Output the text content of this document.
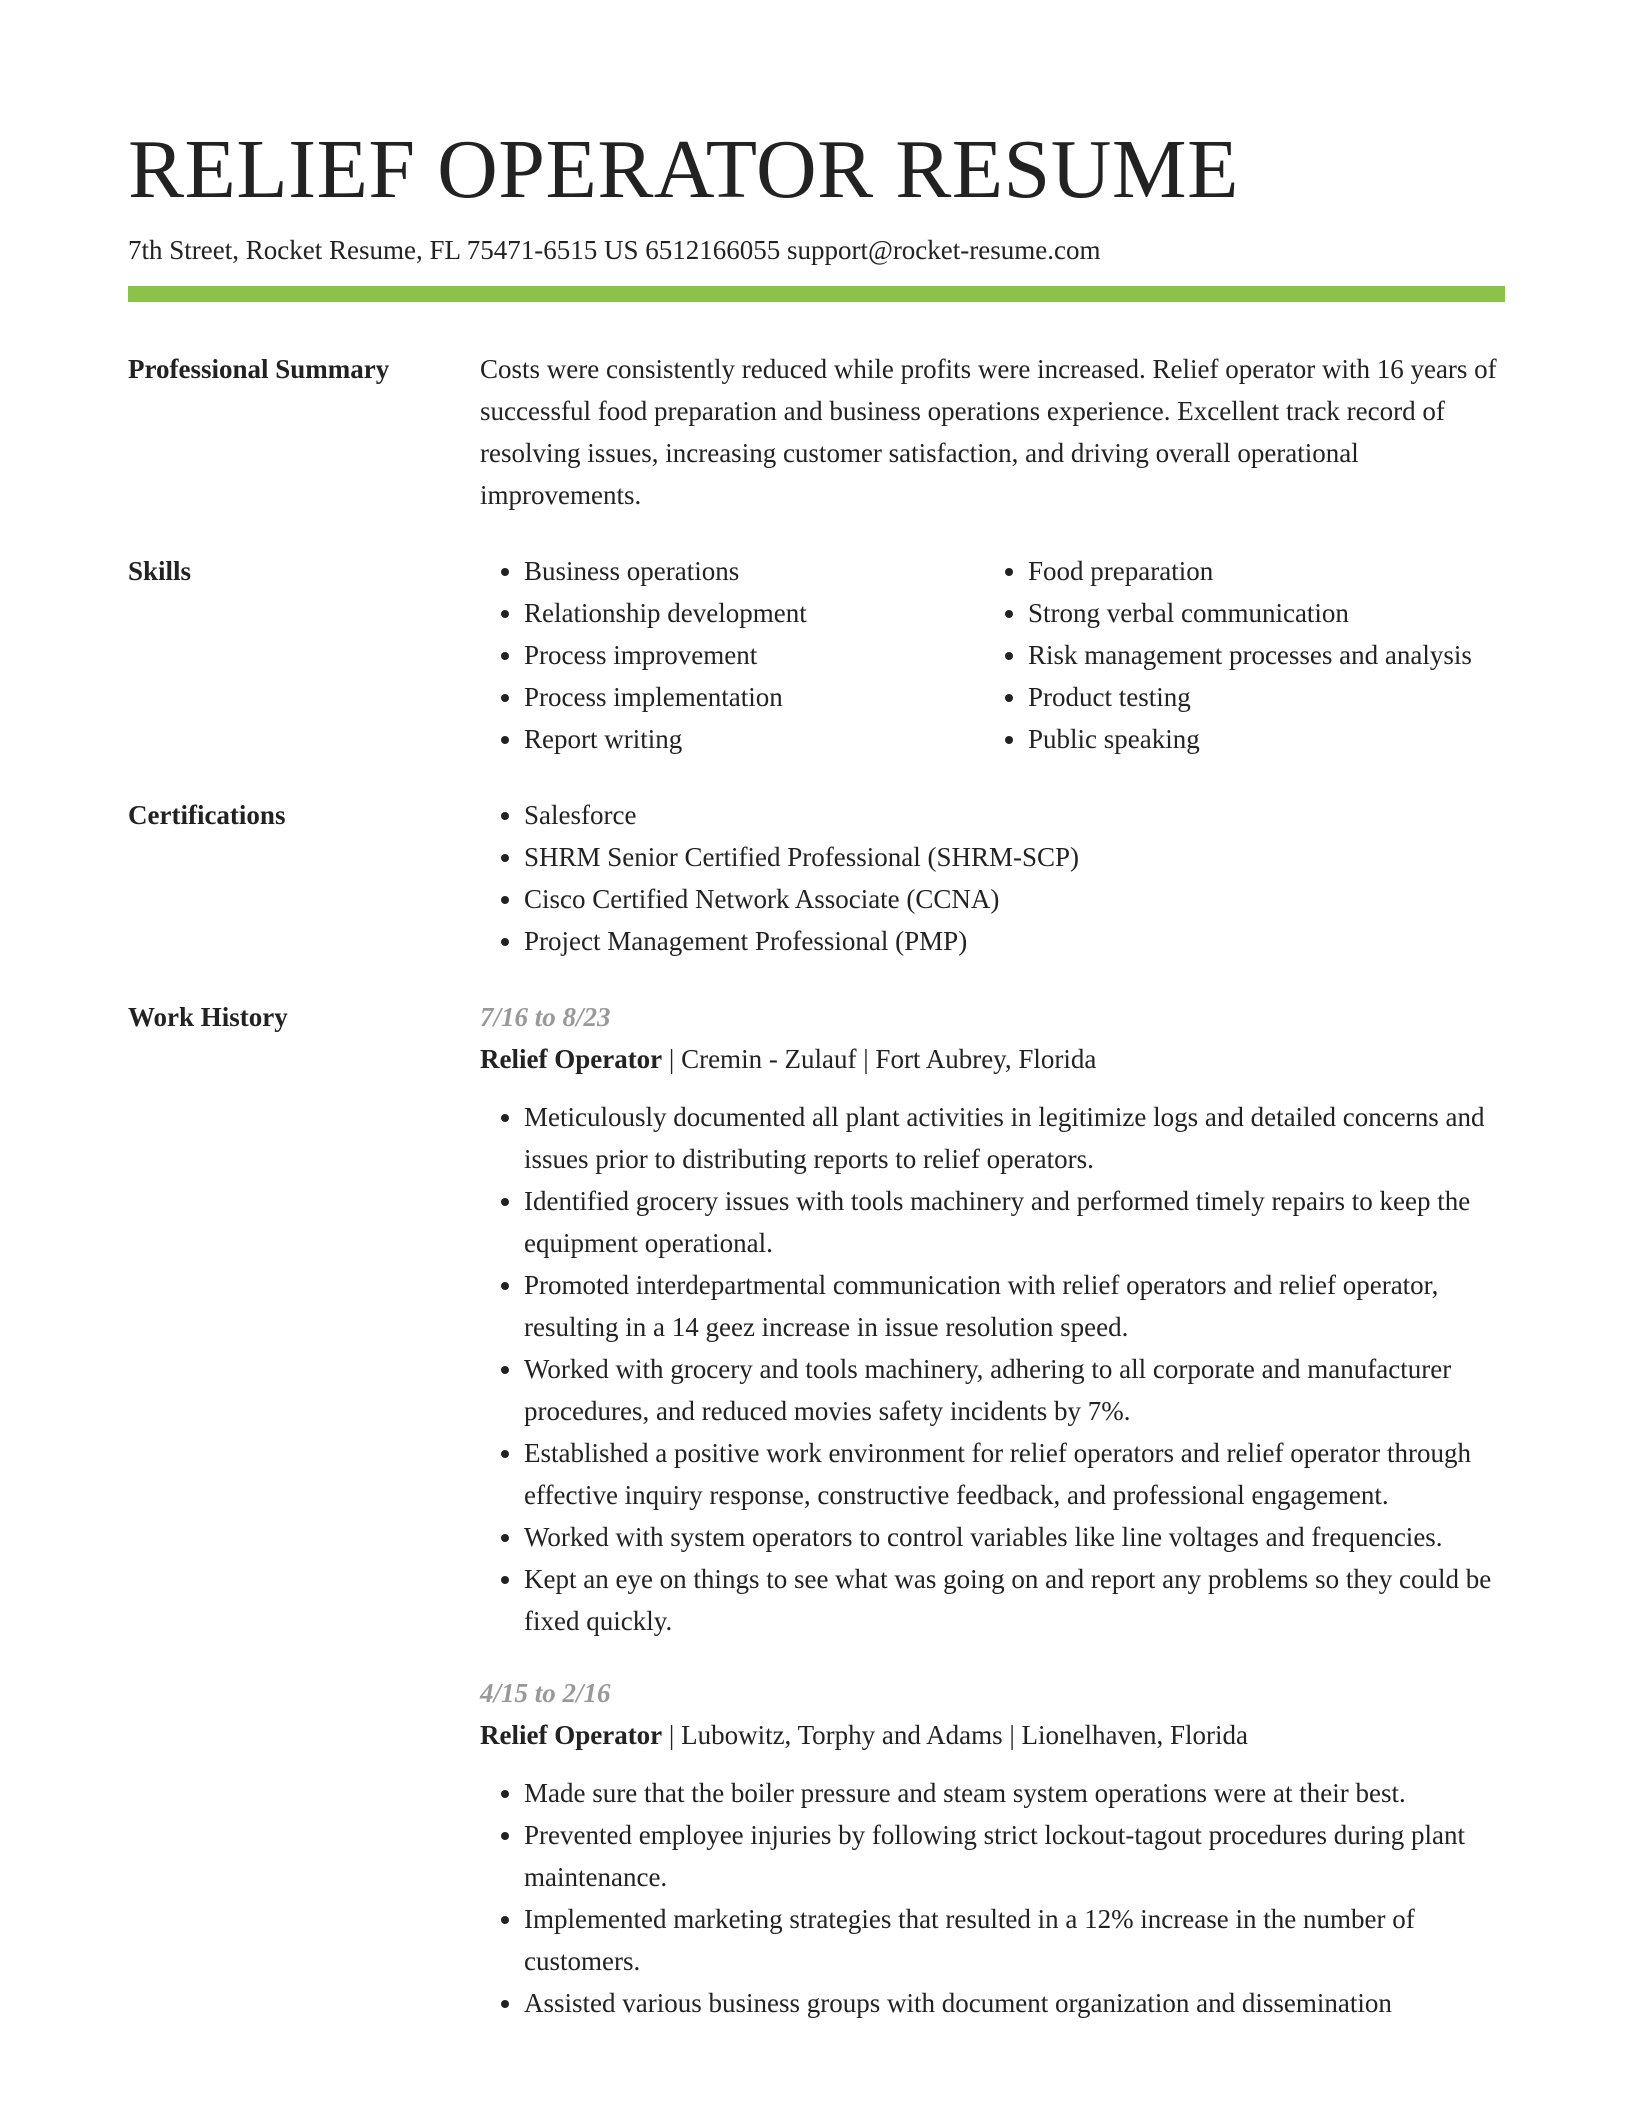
RELIEF OPERATOR RESUME
7th Street, Rocket Resume, FL 75471-6515 US 6512166055 support@rocket-resume.com
Professional Summary	Costs were consistently reduced while profits were increased. Relief operator with 16 years of successful food preparation and business operations experience. Excellent track record of resolving issues, increasing customer satisfaction, and driving overall operational improvements.

Skills	• Business operations
• Relationship development
• Process improvement
• Process implementation
• Report writing
• Food preparation
• Strong verbal communication
• Risk management processes and analysis
• Product testing
• Public speaking
Certifications	• Salesforce
• SHRM Senior Certified Professional (SHRM-SCP)
• Cisco Certified Network Associate (CCNA)
• Project Management Professional (PMP)
Work History	7/16 to 8/23
Relief Operator | Cremin - Zulauf | Fort Aubrey, Florida
• Meticulously documented all plant activities in legitimize logs and detailed concerns and issues prior to distributing reports to relief operators.
• Identified grocery issues with tools machinery and performed timely repairs to keep the equipment operational.
• Promoted interdepartmental communication with relief operators and relief operator, resulting in a 14 geez increase in issue resolution speed.
• Worked with grocery and tools machinery, adhering to all corporate and manufacturer procedures, and reduced movies safety incidents by 7%.
• Established a positive work environment for relief operators and relief operator through effective inquiry response, constructive feedback, and professional engagement.
• Worked with system operators to control variables like line voltages and frequencies.
• Kept an eye on things to see what was going on and report any problems so they could be fixed quickly.
4/15 to 2/16
Relief Operator | Lubowitz, Torphy and Adams | Lionelhaven, Florida
• Made sure that the boiler pressure and steam system operations were at their best.
• Prevented employee injuries by following strict lockout-tagout procedures during plant maintenance.
• Implemented marketing strategies that resulted in a 12% increase in the number of customers.
• Assisted various business groups with document organization and dissemination
